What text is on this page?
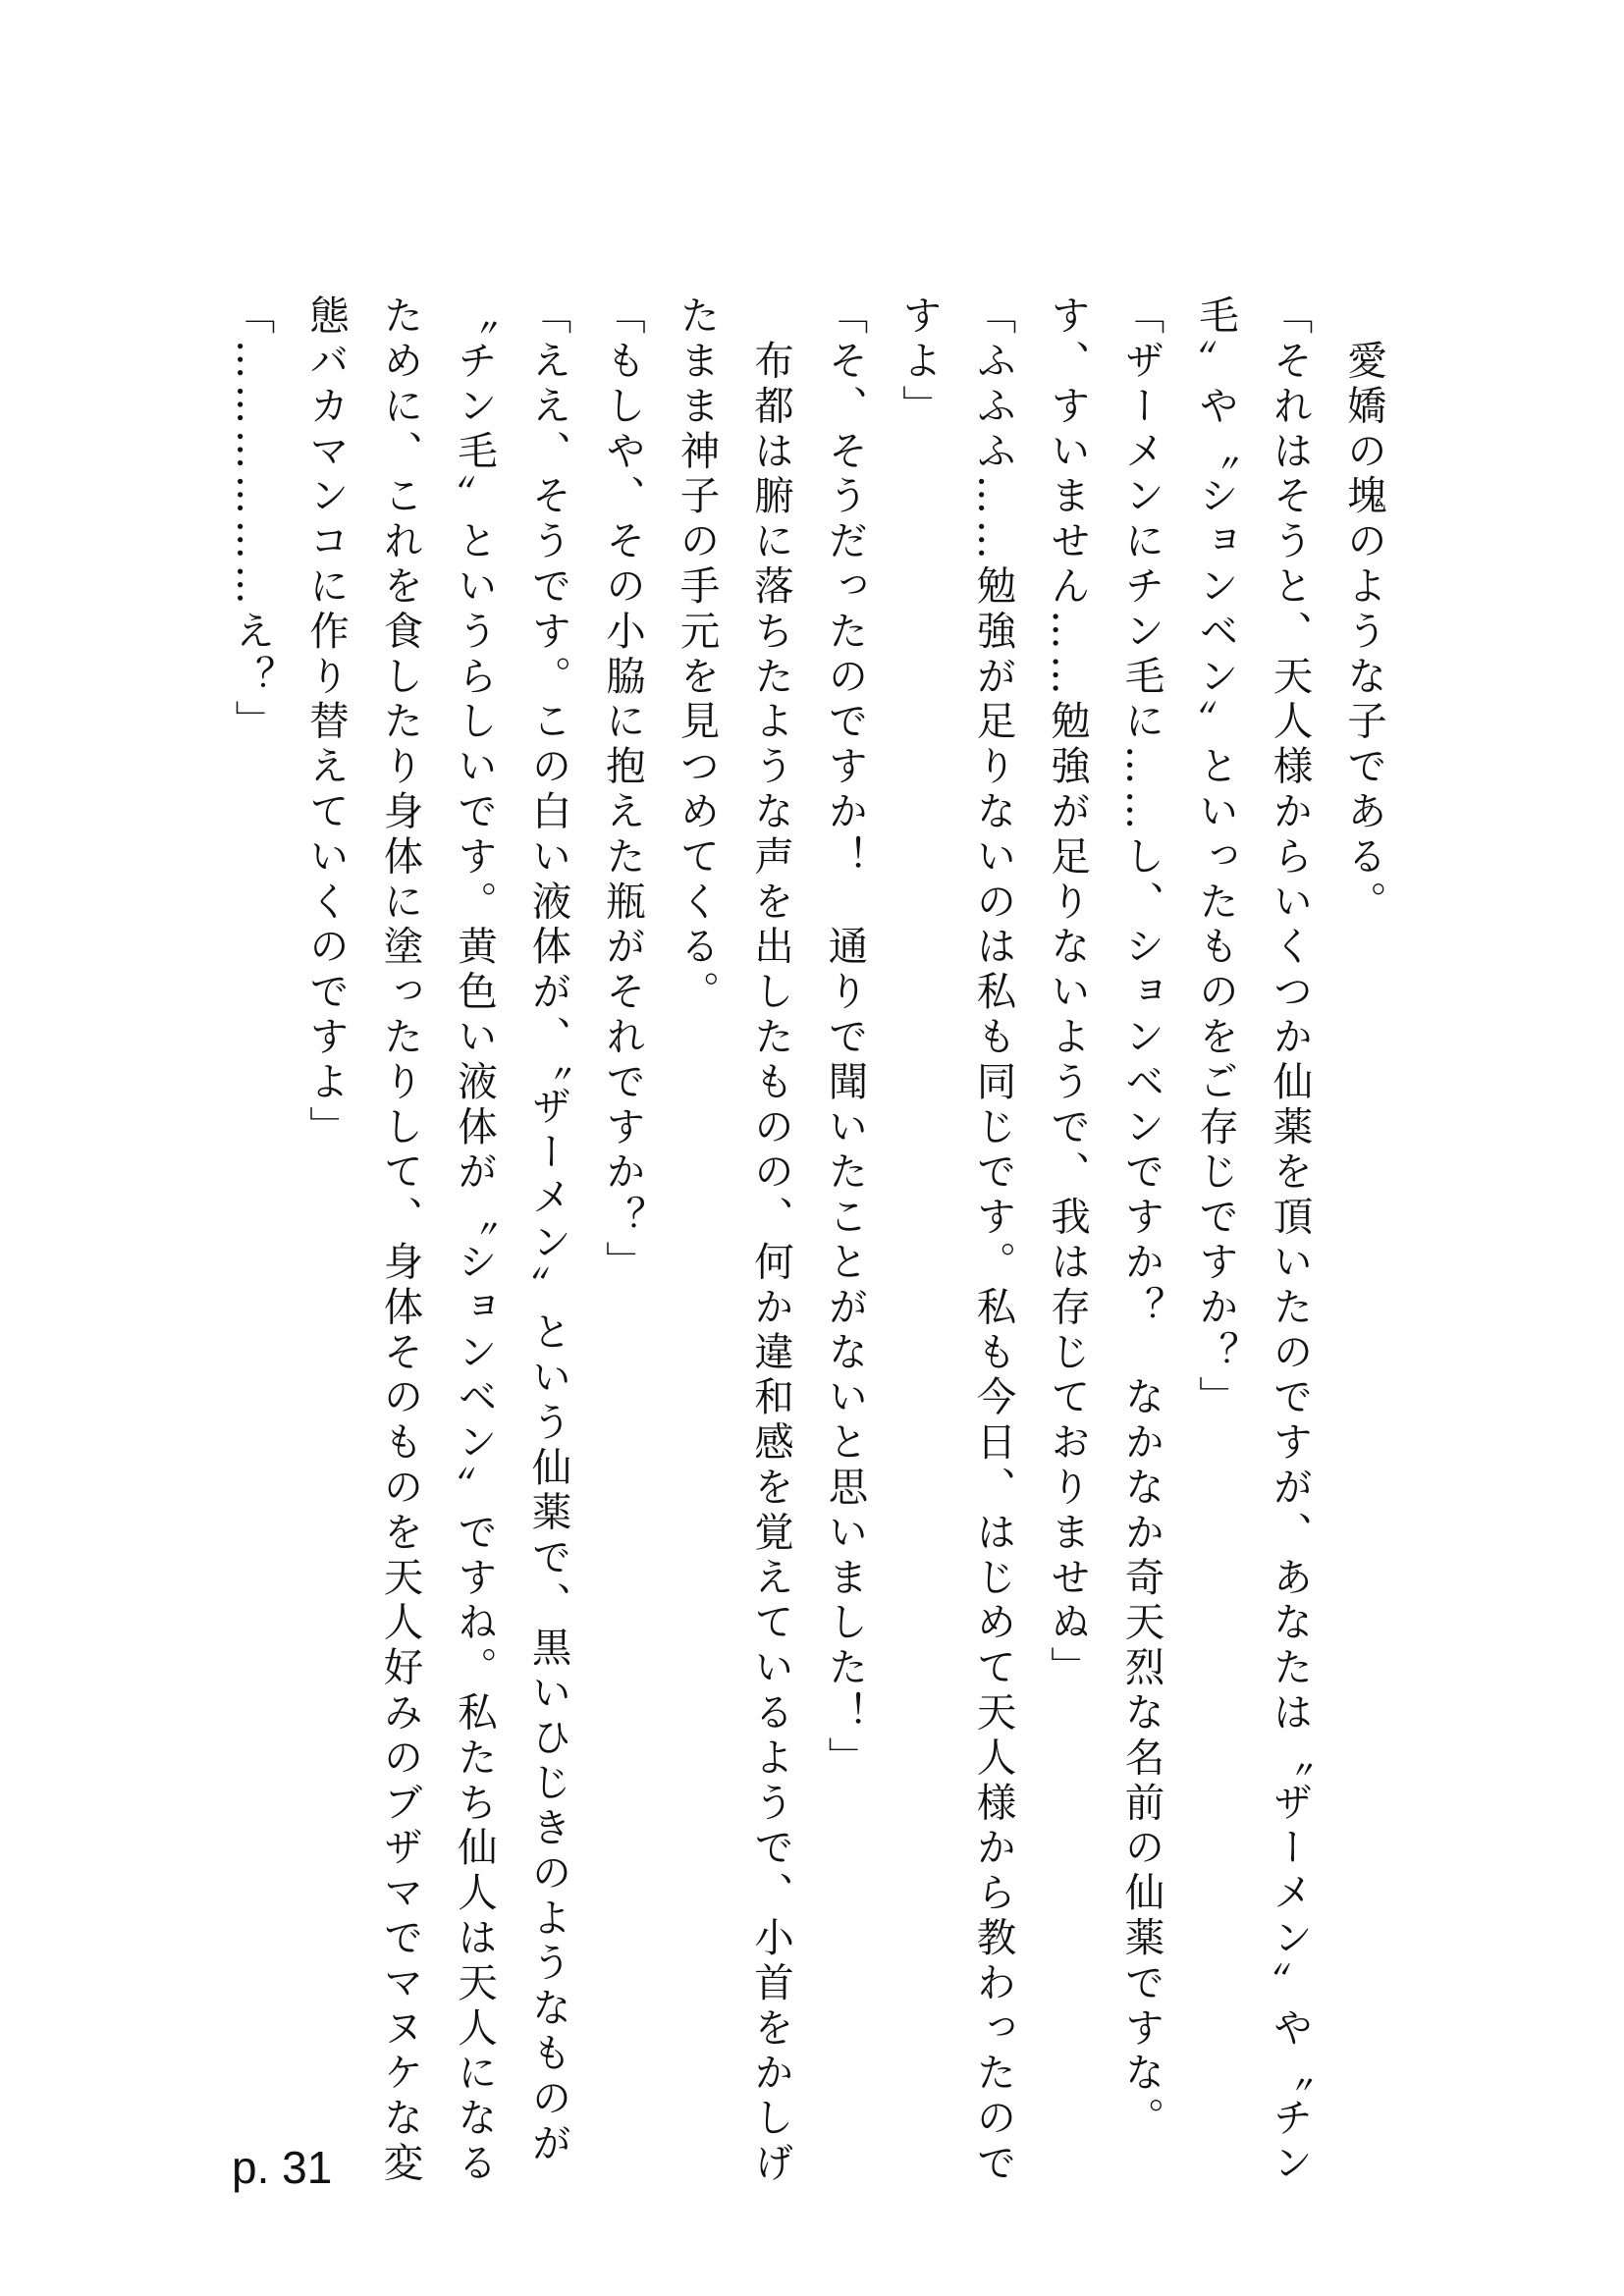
　愛嬌の塊のような子である。

「それはそうと、天人様からいくつか仙薬を頂いたのですが、あなたは〝ザーメン〟や〝チン毛〟や〝ションベン〟といったものをご存じですか？」

「ザーメンにチン毛に……し、ションベンですか？　なかなか奇天烈な名前の仙薬ですな。す、すいません……勉強が足りないようで、我は存じておりませぬ」

「ふふふ……勉強が足りないのは私も同じです。私も今日、はじめて天人様から教わったのですよ」

「そ、そうだったのですか！　通りで聞いたことがないと思いました！」

　布都は腑に落ちたような声を出したものの、何か違和感を覚えているようで、小首をかしげたまま神子の手元を見つめてくる。

「もしや、その小脇に抱えた瓶がそれですか？」

「ええ、そうです。この白い液体が、〝ザーメン〟という仙薬で、黒いひじきのようなものが〝チン毛〟というらしいです。黄色い液体が〝ションベン〟ですね。私たち仙人は天人になるために、これを食したり身体に塗ったりして、身体そのものを天人好みのブザマでマヌケな変態バカマンコに作り替えていくのですよ」

「………………え？」

p. 31
